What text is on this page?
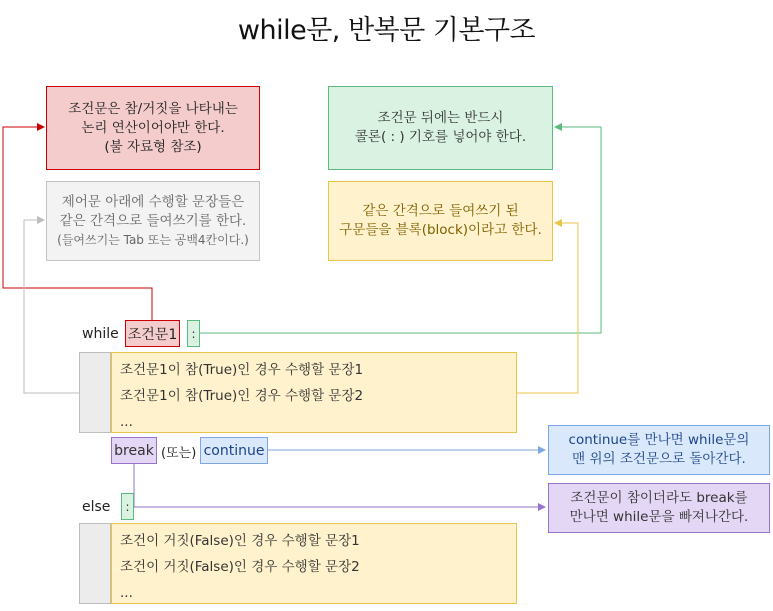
while문, 반복문 기본구조
조건문은 참/거짓을 나타내는
논리 연산이어야만 한다.
(불 자료형 참조)
조건문 뒤에는 반드시
콜론( : ) 기호를 넣어야 한다.
제어문 아래에 수행할 문장들은
같은 간격으로 들여쓰기를 한다.
(들여쓰기는 Tab 또는 공백4칸이다.)
같은 간격으로 들여쓰기 된
구문들을 블록(block)이라고 한다.
continue를 만나면 while문의
맨 위의 조건문으로 돌아간다.
조건문이 참이더라도 break를
만나면 while문을 빠져나간다.
while 조건문1	:
조건문1이 참(True)인 경우 수행할 문장1
조건문1이 참(True)인 경우 수행할 문장2
...
break (또는) continue
else	:
조건이 거짓(False)인 경우 수행할 문장1
조건이 거짓(False)인 경우 수행할 문장2
...
